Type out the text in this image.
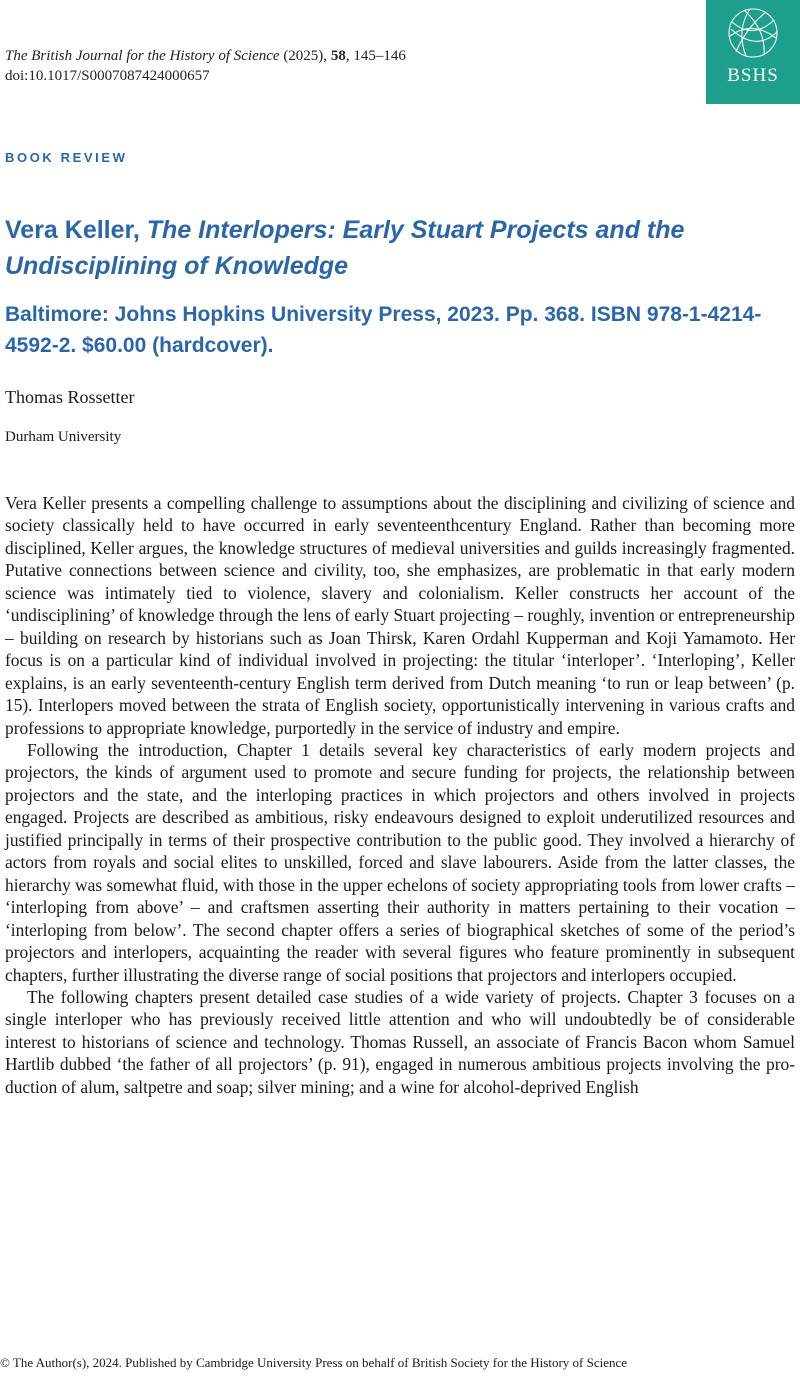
The British Journal for the History of Science (2025), 58, 145–146
doi:10.1017/S0007087424000657	BSHS
BOOK REVIEW
Vera Keller, The Interlopers: Early Stuart Projects and the Undisciplining of Knowledge

Baltimore: Johns Hopkins University Press, 2023. Pp. 368. ISBN 978-1-4214-4592-2. $60.00 (hardcover).

Thomas Rossetter
Durham University

Vera Keller presents a compelling challenge to assumptions about the disciplining and civilizing of science and society classically held to have occurred in early seventeenthcentury England. Rather than becoming more disciplined, Keller argues, the knowledge structures of medieval universities and guilds increasingly fragmented. Putative connections between science and civility, too, she emphasizes, are problematic in that early modern science was intimately tied to violence, slavery and colonialism. Keller constructs her account of the ‘undisciplining’ of knowledge through the lens of early Stuart projecting – roughly, invention or entrepreneurship – building on research by historians such as Joan Thirsk, Karen Ordahl Kupperman and Koji Yamamoto. Her focus is on a particular kind of individual involved in projecting: the titular ‘interloper’. ‘Interloping’, Keller explains, is an early seventeenth-century English term derived from Dutch meaning ‘to run or leap between’ (p. 15). Interlopers moved between the strata of English society, opportunistically intervening in various crafts and professions to appropriate knowledge, purportedly in the service of industry and empire.

Following the introduction, Chapter 1 details several key characteristics of early modern projects and projectors, the kinds of argument used to promote and secure funding for projects, the relationship between projectors and the state, and the interloping practices in which projectors and others involved in projects engaged. Projects are described as ambitious, risky endeavours designed to exploit underutilized resources and justified principally in terms of their prospective contribution to the public good. They involved a hierarchy of actors from royals and social elites to unskilled, forced and slave labourers. Aside from the latter classes, the hierarchy was somewhat fluid, with those in the upper echelons of society appropriating tools from lower crafts – ‘interloping from above’ – and craftsmen asserting their authority in matters pertaining to their vocation – ‘interloping from below’. The second chapter offers a series of biographical sketches of some of the period’s projectors and interlopers, acquainting the reader with several figures who feature prominently in subsequent chapters, further illustrating the diverse range of social positions that projectors and interlopers occupied.

The following chapters present detailed case studies of a wide variety of projects. Chapter 3 focuses on a single interloper who has previously received little attention and who will undoubtedly be of considerable interest to historians of science and technology. Thomas Russell, an associate of Francis Bacon whom Samuel Hartlib dubbed ‘the father of all projectors’ (p. 91), engaged in numerous ambitious projects involving the production of alum, saltpetre and soap; silver mining; and a wine for alcohol-deprived English

© The Author(s), 2024. Published by Cambridge University Press on behalf of British Society for the History of Science
